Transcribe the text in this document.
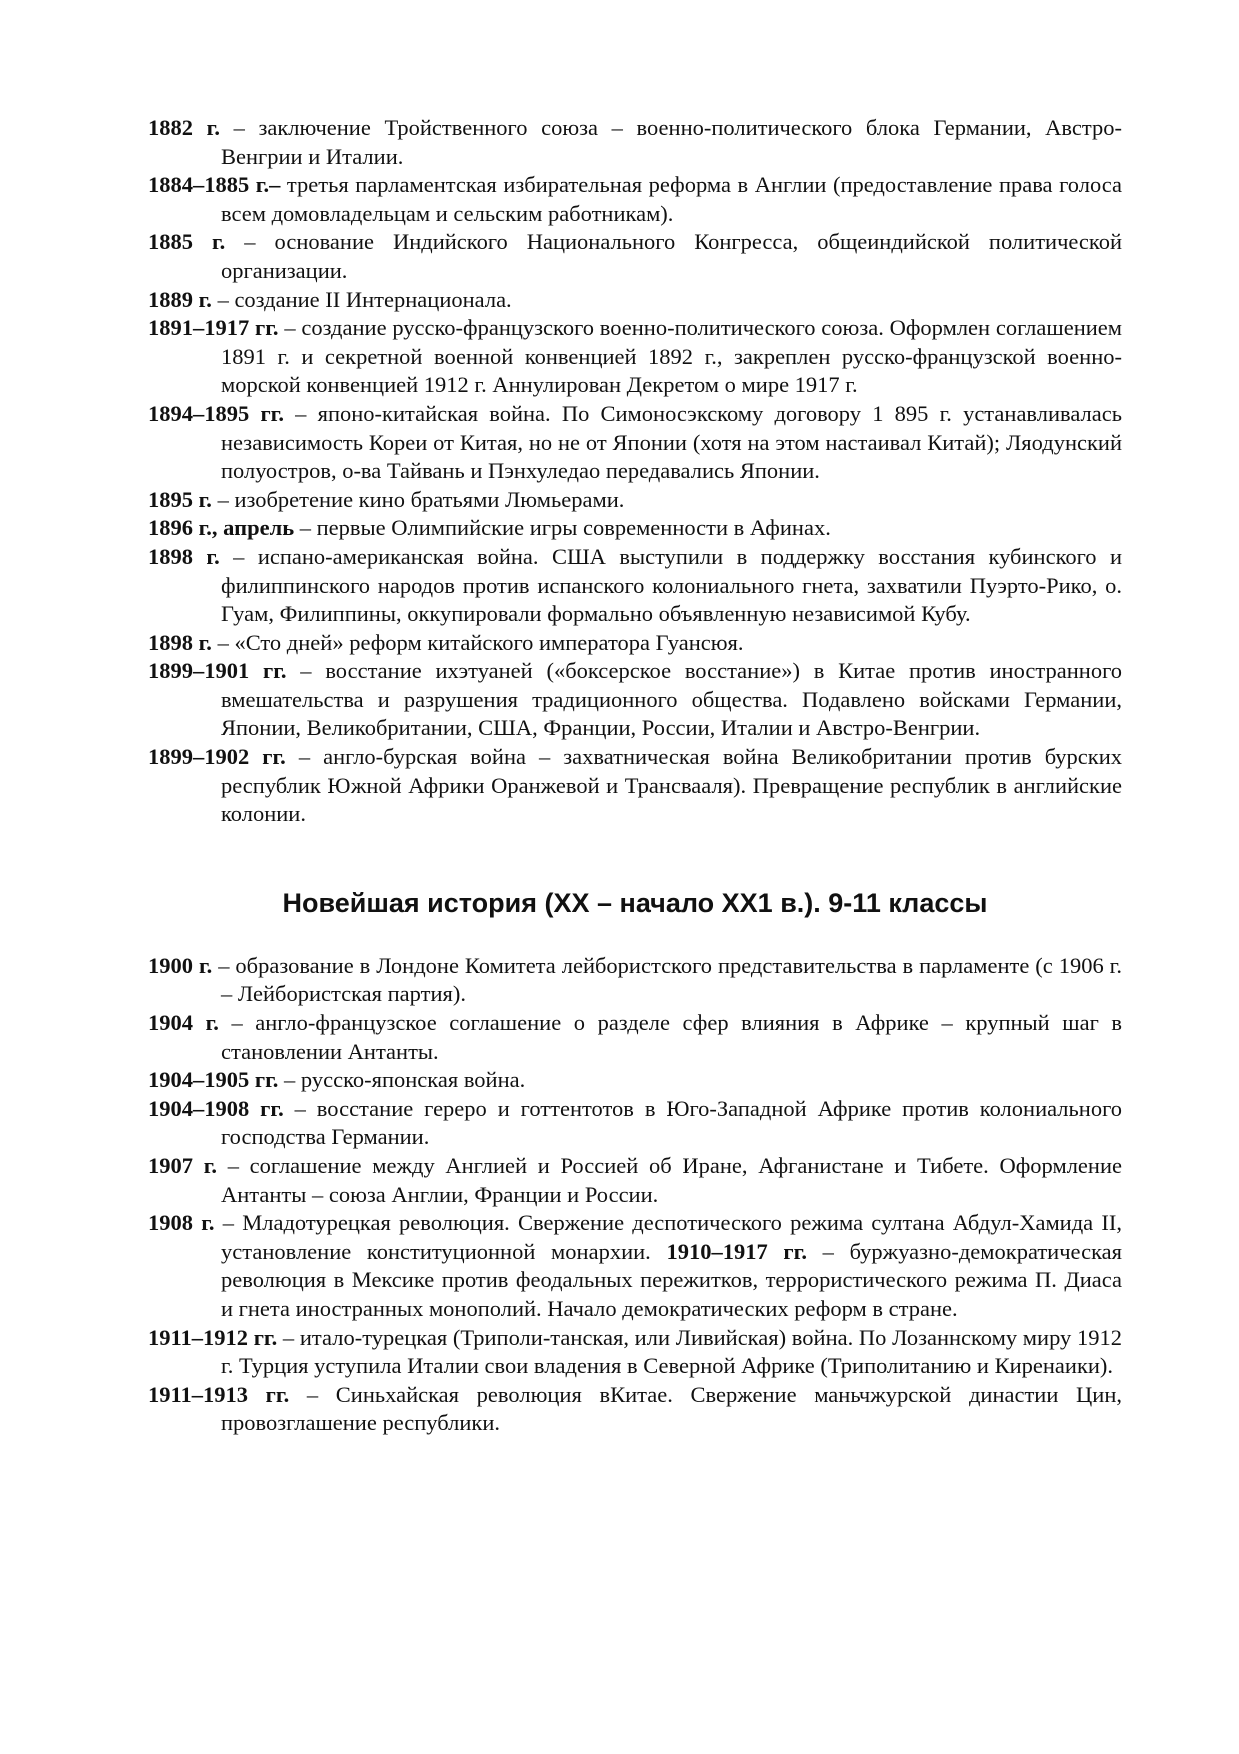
1882 г. – заключение Тройственного союза – военно-политического блока Германии, Австро-Венгрии и Италии.

1884–1885 г.– третья парламентская избирательная реформа в Англии (предоставление права голоса всем домовладельцам и сельским работникам).

1885 г. – основание Индийского Национального Конгресса, общеиндийской политической организации.

1889 г. – создание II Интернационала.

1891–1917 гг. – создание русско-французского военно-политического союза. Оформлен соглашением 1891 г. и секретной военной конвенцией 1892 г., закреплен русско-французской военно-морской конвенцией 1912 г. Аннулирован Декретом о мире 1917 г.

1894–1895 гг. – японо-китайская война. По Симоносэкскому договору 1 895 г. устанавливалась независимость Кореи от Китая, но не от Японии (хотя на этом настаивал Китай); Ляодунский полуостров, о-ва Тайвань и Пэнхуледао передавались Японии.

1895 г. – изобретение кино братьями Люмьерами.

1896 г., апрель – первые Олимпийские игры современности в Афинах.

1898 г. – испано-американская война. США выступили в поддержку восстания кубинского и филиппинского народов против испанского колониального гнета, захватили Пуэрто-Рико, о. Гуам, Филиппины, оккупировали формально объявленную независимой Кубу.

1898 г. – «Сто дней» реформ китайского императора Гуансюя.

1899–1901 гг. – восстание ихэтуаней («боксерское восстание») в Китае против иностранного вмешательства и разрушения традиционного общества. Подавлено войсками Германии, Японии, Великобритании, США, Франции, России, Италии и Австро-Венгрии.

1899–1902 гг. – англо-бурская война – захватническая война Великобритании против бурских республик Южной Африки Оранжевой и Трансвааля). Превращение республик в английские колонии.

Новейшая история (XX – начало XX1 в.). 9-11 классы

1900 г. – образование в Лондоне Комитета лейбористского представительства в парламенте (с 1906 г. – Лейбористская партия).

1904 г. – англо-французское соглашение о разделе сфер влияния в Африке – крупный шаг в становлении Антанты.

1904–1905 гг. – русско-японская война.

1904–1908 гг. – восстание гереро и готтентотов в Юго-Западной Африке против колониального господства Германии.

1907 г. – соглашение между Англией и Россией об Иране, Афганистане и Тибете. Оформление Антанты – союза Англии, Франции и России.

1908 г. – Младотурецкая революция. Свержение деспотического режима султана Абдул-Хамида II, установление конституционной монархии. 1910–1917 гг. – буржуазно-демократическая революция в Мексике против феодальных пережитков, террористического режима П. Диаса и гнета иностранных монополий. Начало демократических реформ в стране.

1911–1912 гг. – итало-турецкая (Триполи-танская, или Ливийская) война. По Лозаннскому миру 1912 г. Турция уступила Италии свои владения в Северной Африке (Триполитанию и Киренаики).

1911–1913 гг. – Синьхайская революция вКитае. Свержение маньчжурской династии Цин, провозглашение республики.
